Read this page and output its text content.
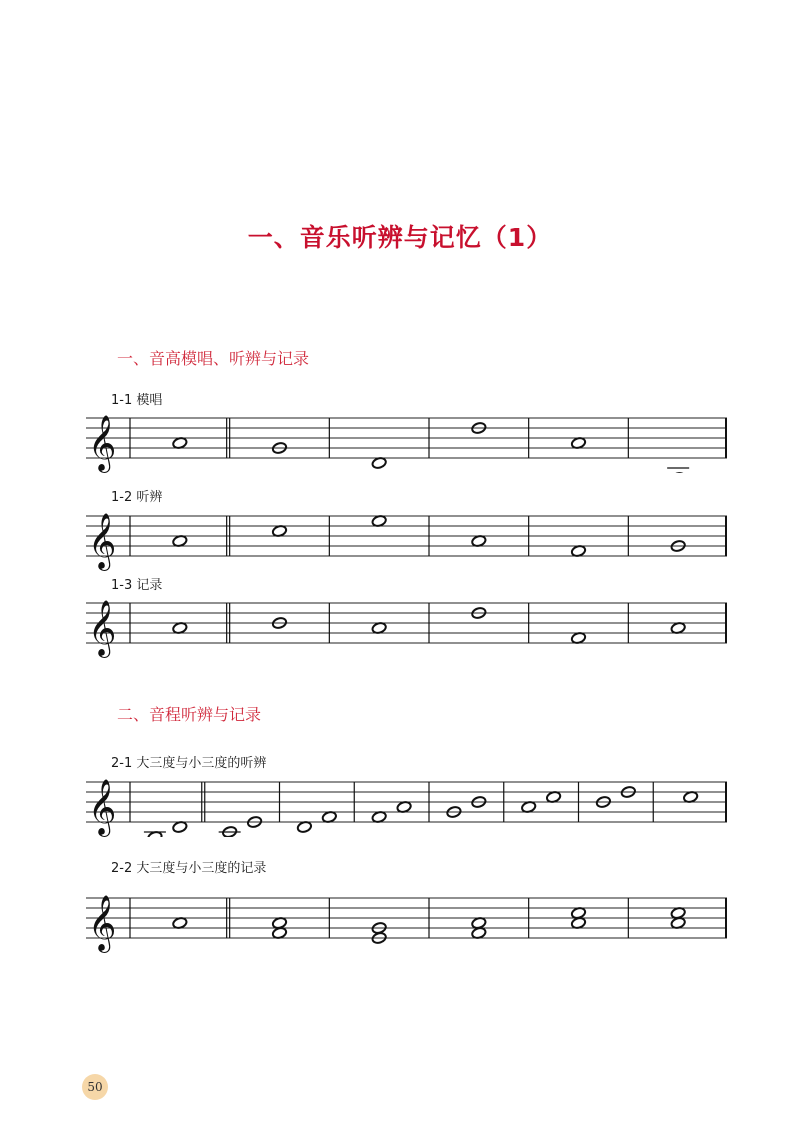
一、音乐听辨与记忆（1）
一、音高模唱、听辨与记录
1-1 模唱
𝄞
1-2 听辨
𝄞
1-3 记录
𝄞
二、音程听辨与记录
2-1 大三度与小三度的听辨
𝄞
2-2 大三度与小三度的记录
𝄞
50
